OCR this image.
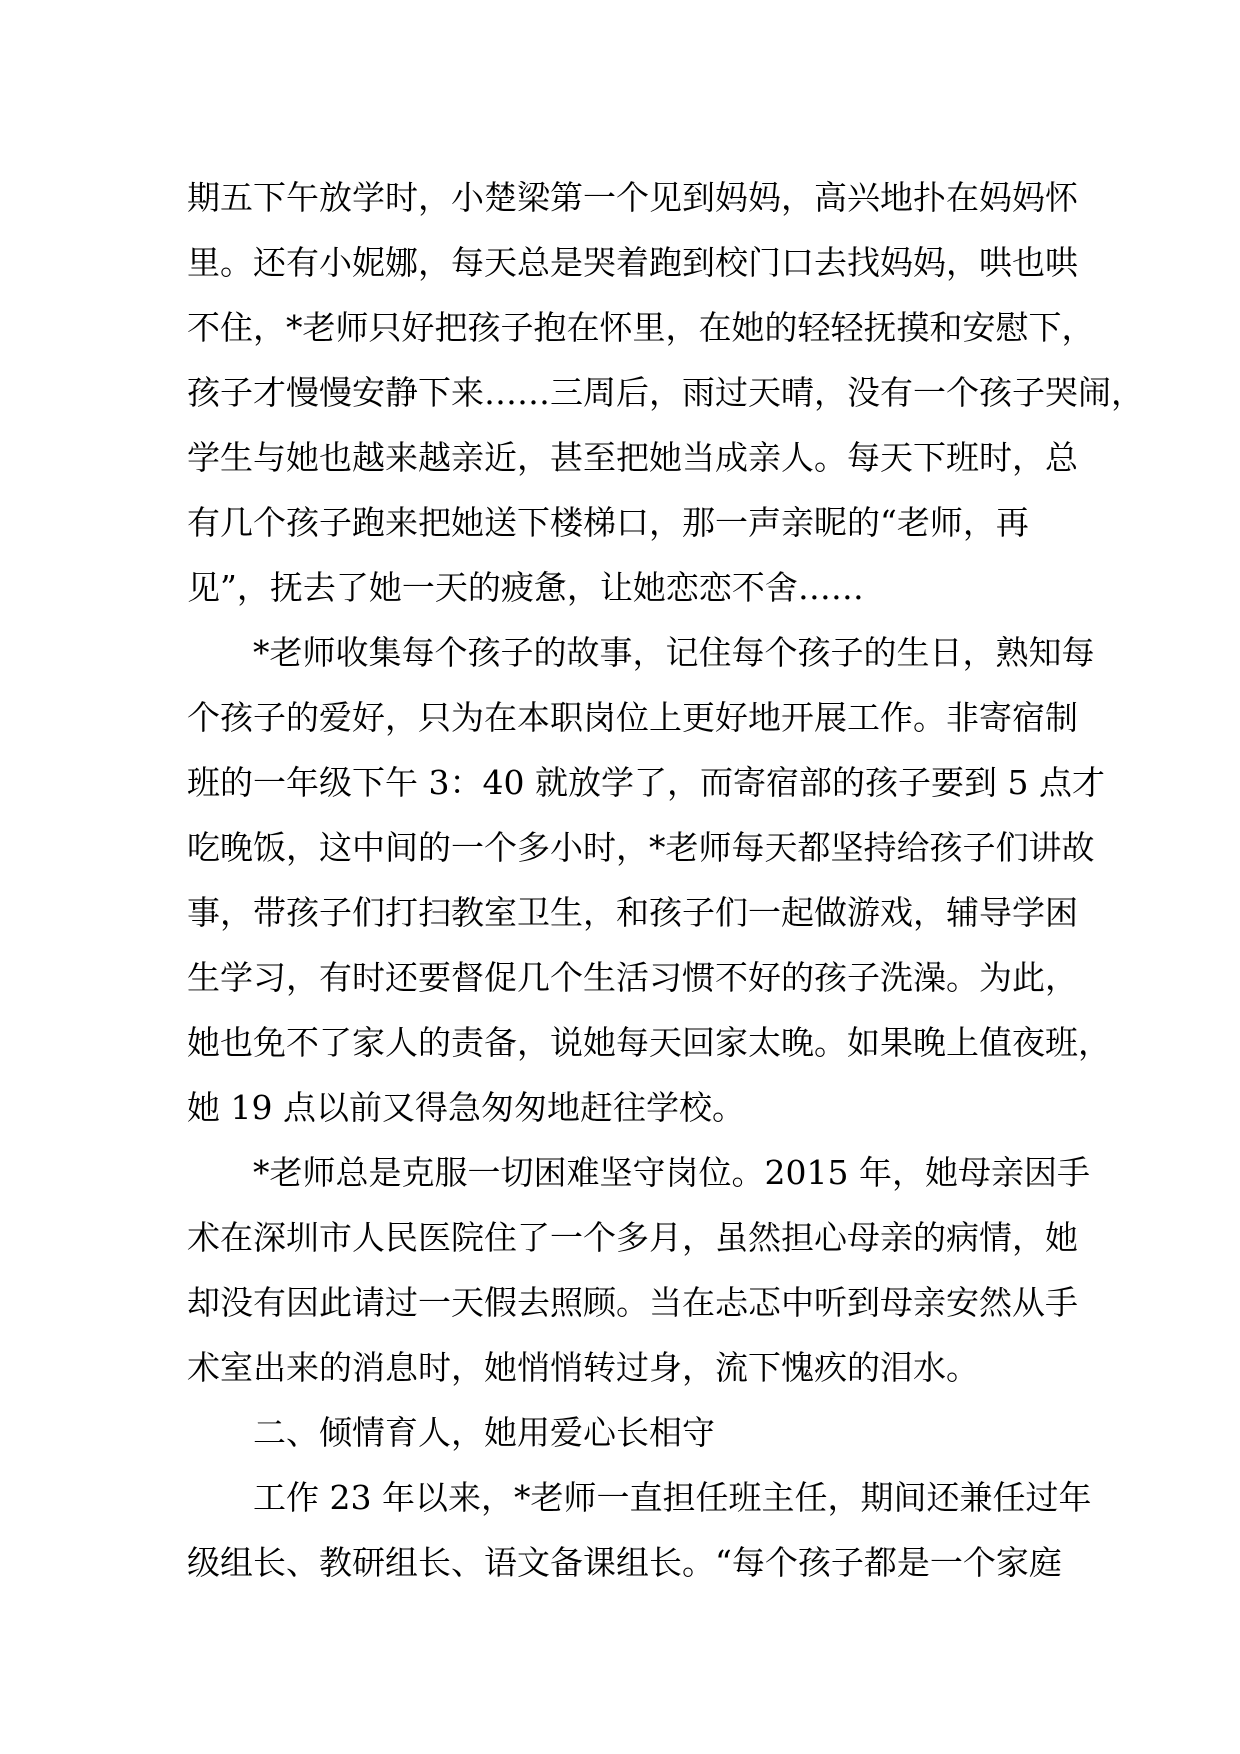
期五下午放学时，小楚梁第一个见到妈妈，高兴地扑在妈妈怀
里。还有小妮娜，每天总是哭着跑到校门口去找妈妈，哄也哄
不住，*老师只好把孩子抱在怀里，在她的轻轻抚摸和安慰下，
孩子才慢慢安静下来……三周后，雨过天晴，没有一个孩子哭闹，
学生与她也越来越亲近，甚至把她当成亲人。每天下班时，总
有几个孩子跑来把她送下楼梯口，那一声亲昵的“老师，再
见”，抚去了她一天的疲惫，让她恋恋不舍……
*老师收集每个孩子的故事，记住每个孩子的生日，熟知每
个孩子的爱好，只为在本职岗位上更好地开展工作。非寄宿制
班的一年级下午 3：40 就放学了，而寄宿部的孩子要到 5 点才
吃晚饭，这中间的一个多小时，*老师每天都坚持给孩子们讲故
事，带孩子们打扫教室卫生，和孩子们一起做游戏，辅导学困
生学习，有时还要督促几个生活习惯不好的孩子洗澡。为此，
她也免不了家人的责备，说她每天回家太晚。如果晚上值夜班，
她 19 点以前又得急匆匆地赶往学校。
*老师总是克服一切困难坚守岗位。2015 年，她母亲因手
术在深圳市人民医院住了一个多月，虽然担心母亲的病情，她
却没有因此请过一天假去照顾。当在忐忑中听到母亲安然从手
术室出来的消息时，她悄悄转过身，流下愧疚的泪水。
二、倾情育人，她用爱心长相守
工作 23 年以来，*老师一直担任班主任，期间还兼任过年
级组长、教研组长、语文备课组长。“每个孩子都是一个家庭
